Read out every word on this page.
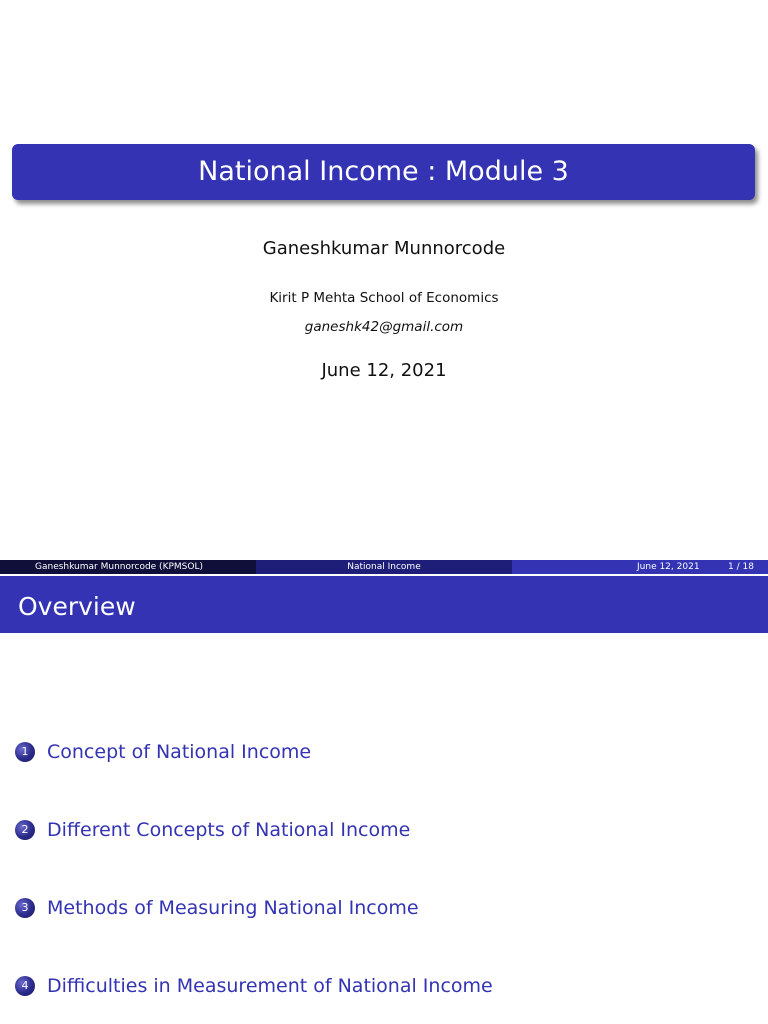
National Income : Module 3
Ganeshkumar Munnorcode
Kirit P Mehta School of Economics
ganeshk42@gmail.com
June 12, 2021
Ganeshkumar Munnorcode (KPMSOL)	National Income	June 12, 2021	1 / 18
Overview
1 Concept of National Income
2 Different Concepts of National Income
3 Methods of Measuring National Income
4 Difficulties in Measurement of National Income
